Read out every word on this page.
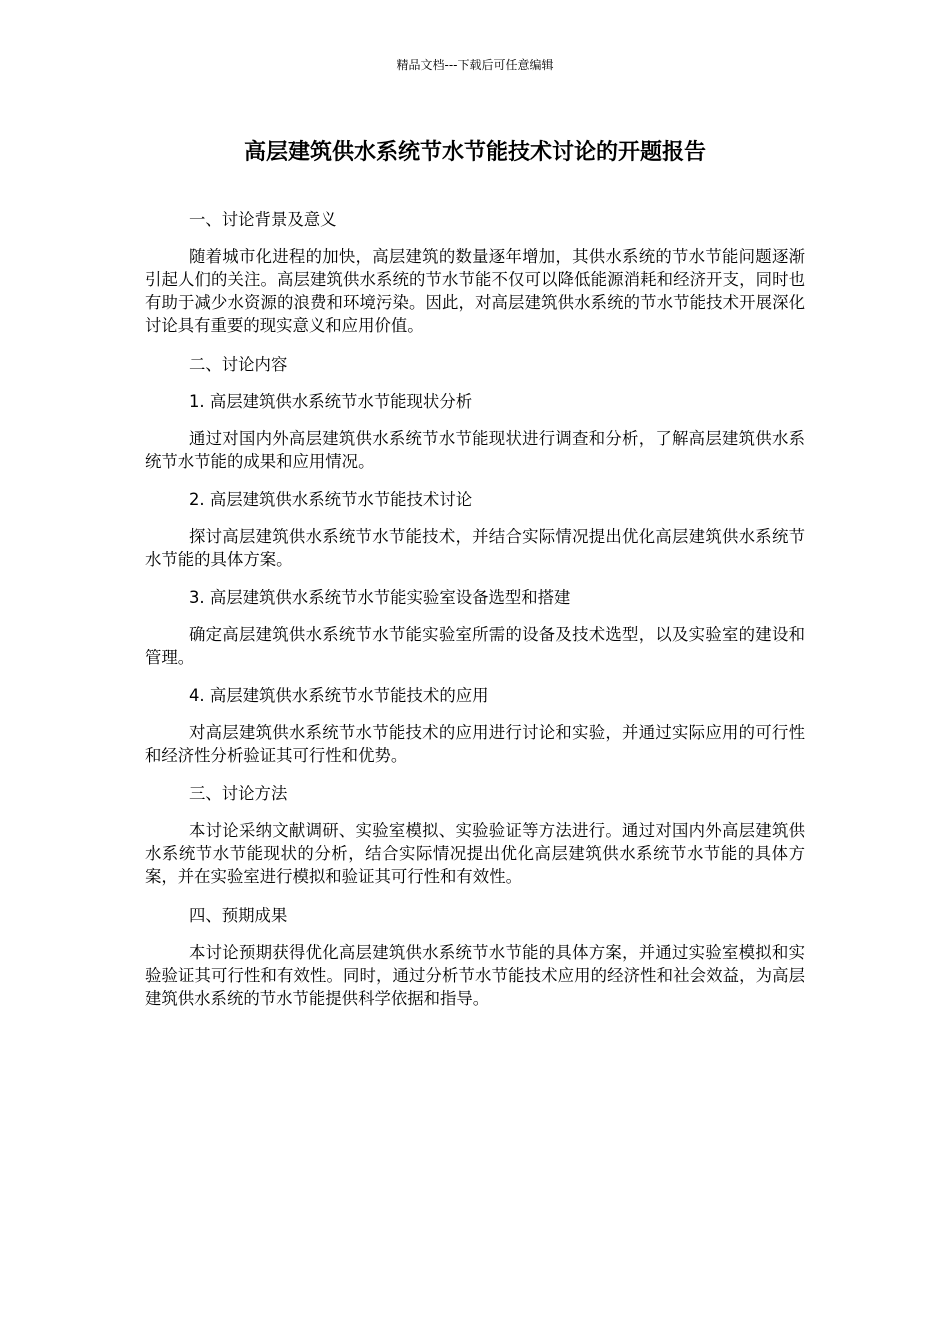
精品文档---下载后可任意编辑
高层建筑供水系统节水节能技术讨论的开题报告

一、讨论背景及意义

随着城市化进程的加快，高层建筑的数量逐年增加，其供水系统的节水节能问题逐渐引起人们的关注。高层建筑供水系统的节水节能不仅可以降低能源消耗和经济开支，同时也有助于减少水资源的浪费和环境污染。因此，对高层建筑供水系统的节水节能技术开展深化讨论具有重要的现实意义和应用价值。

二、讨论内容

1. 高层建筑供水系统节水节能现状分析

通过对国内外高层建筑供水系统节水节能现状进行调查和分析，了解高层建筑供水系统节水节能的成果和应用情况。

2. 高层建筑供水系统节水节能技术讨论

探讨高层建筑供水系统节水节能技术，并结合实际情况提出优化高层建筑供水系统节水节能的具体方案。

3. 高层建筑供水系统节水节能实验室设备选型和搭建

确定高层建筑供水系统节水节能实验室所需的设备及技术选型，以及实验室的建设和管理。

4. 高层建筑供水系统节水节能技术的应用

对高层建筑供水系统节水节能技术的应用进行讨论和实验，并通过实际应用的可行性和经济性分析验证其可行性和优势。

三、讨论方法

本讨论采纳文献调研、实验室模拟、实验验证等方法进行。通过对国内外高层建筑供水系统节水节能现状的分析，结合实际情况提出优化高层建筑供水系统节水节能的具体方案，并在实验室进行模拟和验证其可行性和有效性。

四、预期成果

本讨论预期获得优化高层建筑供水系统节水节能的具体方案，并通过实验室模拟和实验验证其可行性和有效性。同时，通过分析节水节能技术应用的经济性和社会效益，为高层建筑供水系统的节水节能提供科学依据和指导。
